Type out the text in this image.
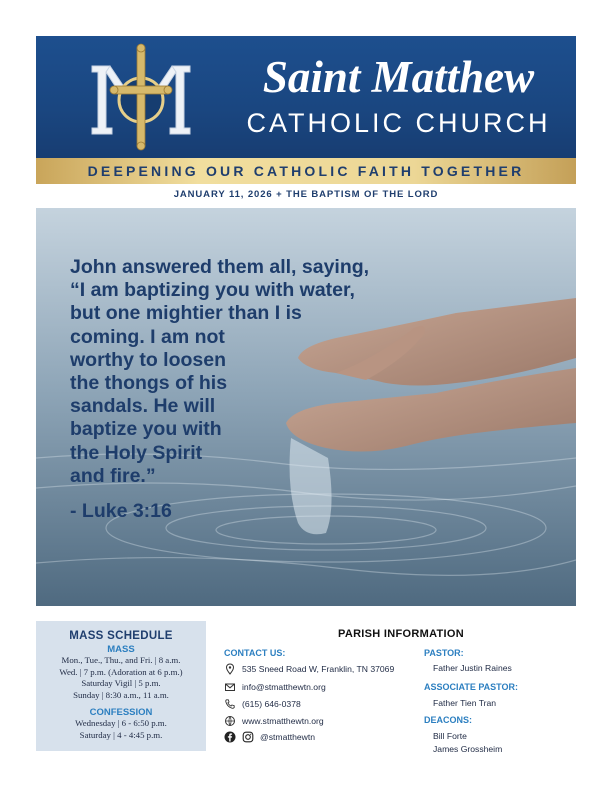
Saint Matthew
CATHOLIC CHURCH
DEEPENING OUR CATHOLIC FAITH TOGETHER
JANUARY 11, 2026 + THE BAPTISM OF THE LORD
John answered them all, saying,
“I am baptizing you with water,
but one mightier than I is
coming. I am not
worthy to loosen
the thongs of his
sandals. He will
baptize you with
the Holy Spirit
and fire.”
- Luke 3:16
MASS SCHEDULE
MASS
Mon., Tue., Thu., and Fri. | 8 a.m.
Wed. | 7 p.m. (Adoration at 6 p.m.)
Saturday Vigil | 5 p.m.
Sunday | 8:30 a.m., 11 a.m.
CONFESSION
Wednesday | 6 - 6:50 p.m.
Saturday | 4 - 4:45 p.m.
PARISH INFORMATION
CONTACT US:
535 Sneed Road W, Franklin, TN 37069
info@stmatthewtn.org
(615) 646-0378
www.stmatthewtn.org
@stmatthewtn
PASTOR:
Father Justin Raines
ASSOCIATE PASTOR:
Father Tien Tran
DEACONS:
Bill Forte
James Grossheim
